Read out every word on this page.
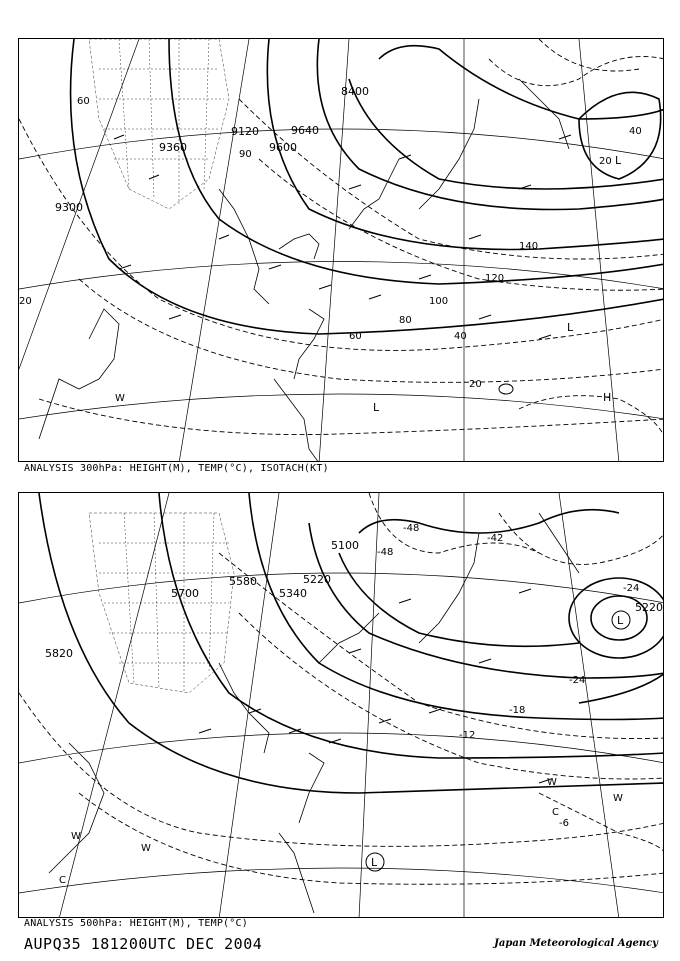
9300
9360
9120
9600
9640
8400
60
80
100
120
140
20
40
60
90
20
40
20
H
L
W
L
L
ANALYSIS 300hPa: HEIGHT(M), TEMP(°C), ISOTACH(KT)
5820
5700
5580
5340
5220
5100
5220
-48
-48
-42
-24
-24
-18
-12
-6
L
L
W
W
W
C
C
W
ANALYSIS 500hPa: HEIGHT(M), TEMP(°C)
AUPQ35 181200UTC DEC 2004	Japan Meteorological Agency
